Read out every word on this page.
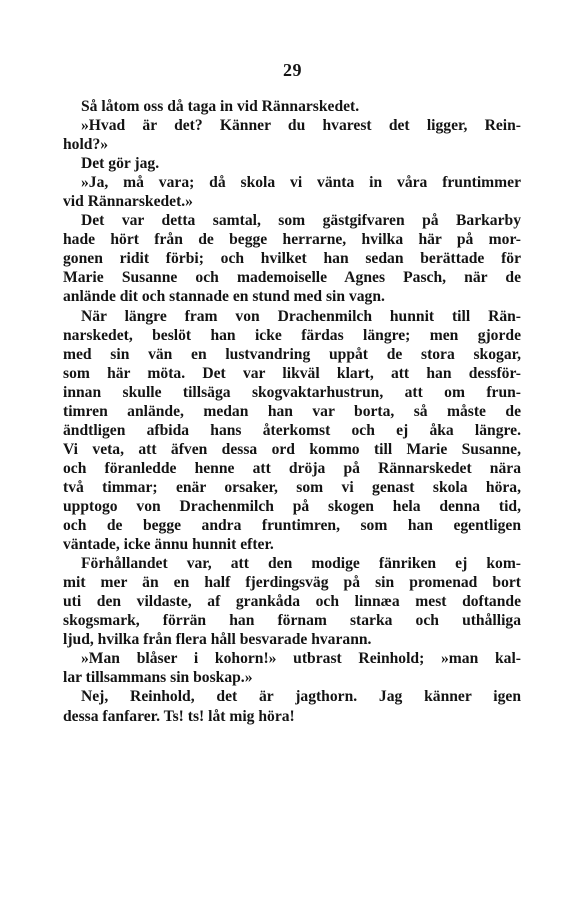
29
Så låtom oss då taga in vid Rännarskedet.
»Hvad är det? Känner du hvarest det ligger, Rein-
hold?»
Det gör jag.
»Ja, må vara; då skola vi vänta in våra fruntimmer
vid Rännarskedet.»
Det var detta samtal, som gästgifvaren på Barkarby
hade hört från de begge herrarne, hvilka här på mor-
gonen ridit förbi; och hvilket han sedan berättade för
Marie Susanne och mademoiselle Agnes Pasch, när de
anlände dit och stannade en stund med sin vagn.
När längre fram von Drachenmilch hunnit till Rän-
narskedet, beslöt han icke färdas längre; men gjorde
med sin vän en lustvandring uppåt de stora skogar,
som här möta. Det var likväl klart, att han dessför-
innan skulle tillsäga skogvaktarhustrun, att om frun-
timren anlände, medan han var borta, så måste de
ändtligen afbida hans återkomst och ej åka längre.
Vi veta, att äfven dessa ord kommo till Marie Susanne,
och föranledde henne att dröja på Rännarskedet nära
två timmar; enär orsaker, som vi genast skola höra,
upptogo von Drachenmilch på skogen hela denna tid,
och de begge andra fruntimren, som han egentligen
väntade, icke ännu hunnit efter.
Förhållandet var, att den modige fänriken ej kom-
mit mer än en half fjerdingsväg på sin promenad bort
uti den vildaste, af grankåda och linnæa mest doftande
skogsmark, förrän han förnam starka och uthålliga
ljud, hvilka från flera håll besvarade hvarann.
»Man blåser i kohorn!» utbrast Reinhold; »man kal-
lar tillsammans sin boskap.»
Nej, Reinhold, det är jagthorn. Jag känner igen
dessa fanfarer. Ts! ts! låt mig höra!
